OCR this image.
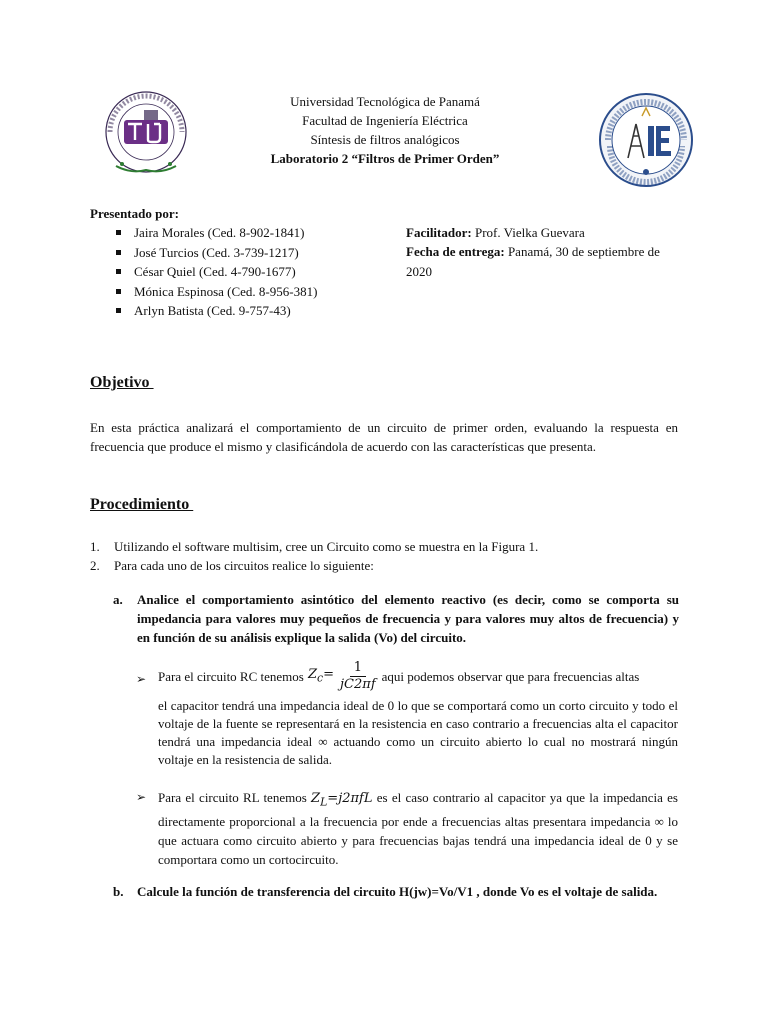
Universidad Tecnológica de Panamá
Facultad de Ingeniería Eléctrica
Síntesis de filtros analógicos
Laboratorio 2 “Filtros de Primer Orden”
Presentado por:
Jaira Morales (Ced. 8-902-1841)
José Turcios (Ced. 3-739-1217)
César Quiel (Ced. 4-790-1677)
Mónica Espinosa (Ced. 8-956-381)
Arlyn Batista (Ced. 9-757-43)
Facilitador: Prof. Vielka Guevara
Fecha de entrega: Panamá, 30 de septiembre de 2020
Objetivo
En esta práctica analizará el comportamiento de un circuito de primer orden, evaluando la respuesta en frecuencia que produce el mismo y clasificándola de acuerdo con las características que presenta.
Procedimiento
1. Utilizando el software multisim, cree un Circuito como se muestra en la Figura 1.
2. Para cada uno de los circuitos realice lo siguiente:
a. Analice el comportamiento asintótico del elemento reactivo (es decir, como se comporta su impedancia para valores muy pequeños de frecuencia y para valores muy altos de frecuencia) y en función de su análisis explique la salida (Vo) del circuito.
➢ Para el circuito RC tenemos $Z_c= \frac{1}{jC2\pi f}$ aqui podemos observar que para frecuencias altas
el capacitor tendrá una impedancia ideal de 0 lo que se comportará como un corto circuito y todo el voltaje de la fuente se representará en la resistencia en caso contrario a frecuencias alta el capacitor tendrá una impedancia ideal ∞ actuando como un circuito abierto lo cual no mostrará ningún voltaje en la resistencia de salida.
➢ Para el circuito RL tenemos $Z_L=j2\pi fL$ es el caso contrario al capacitor ya que la impedancia es directamente proporcional a la frecuencia por ende a frecuencias altas presentara impedancia ∞ lo que actuara como circuito abierto y para frecuencias bajas tendrá una impedancia ideal de 0 y se comportara como un cortocircuito.
b. Calcule la función de transferencia del circuito H(jw)=Vo/V1 , donde Vo es el voltaje de salida.
